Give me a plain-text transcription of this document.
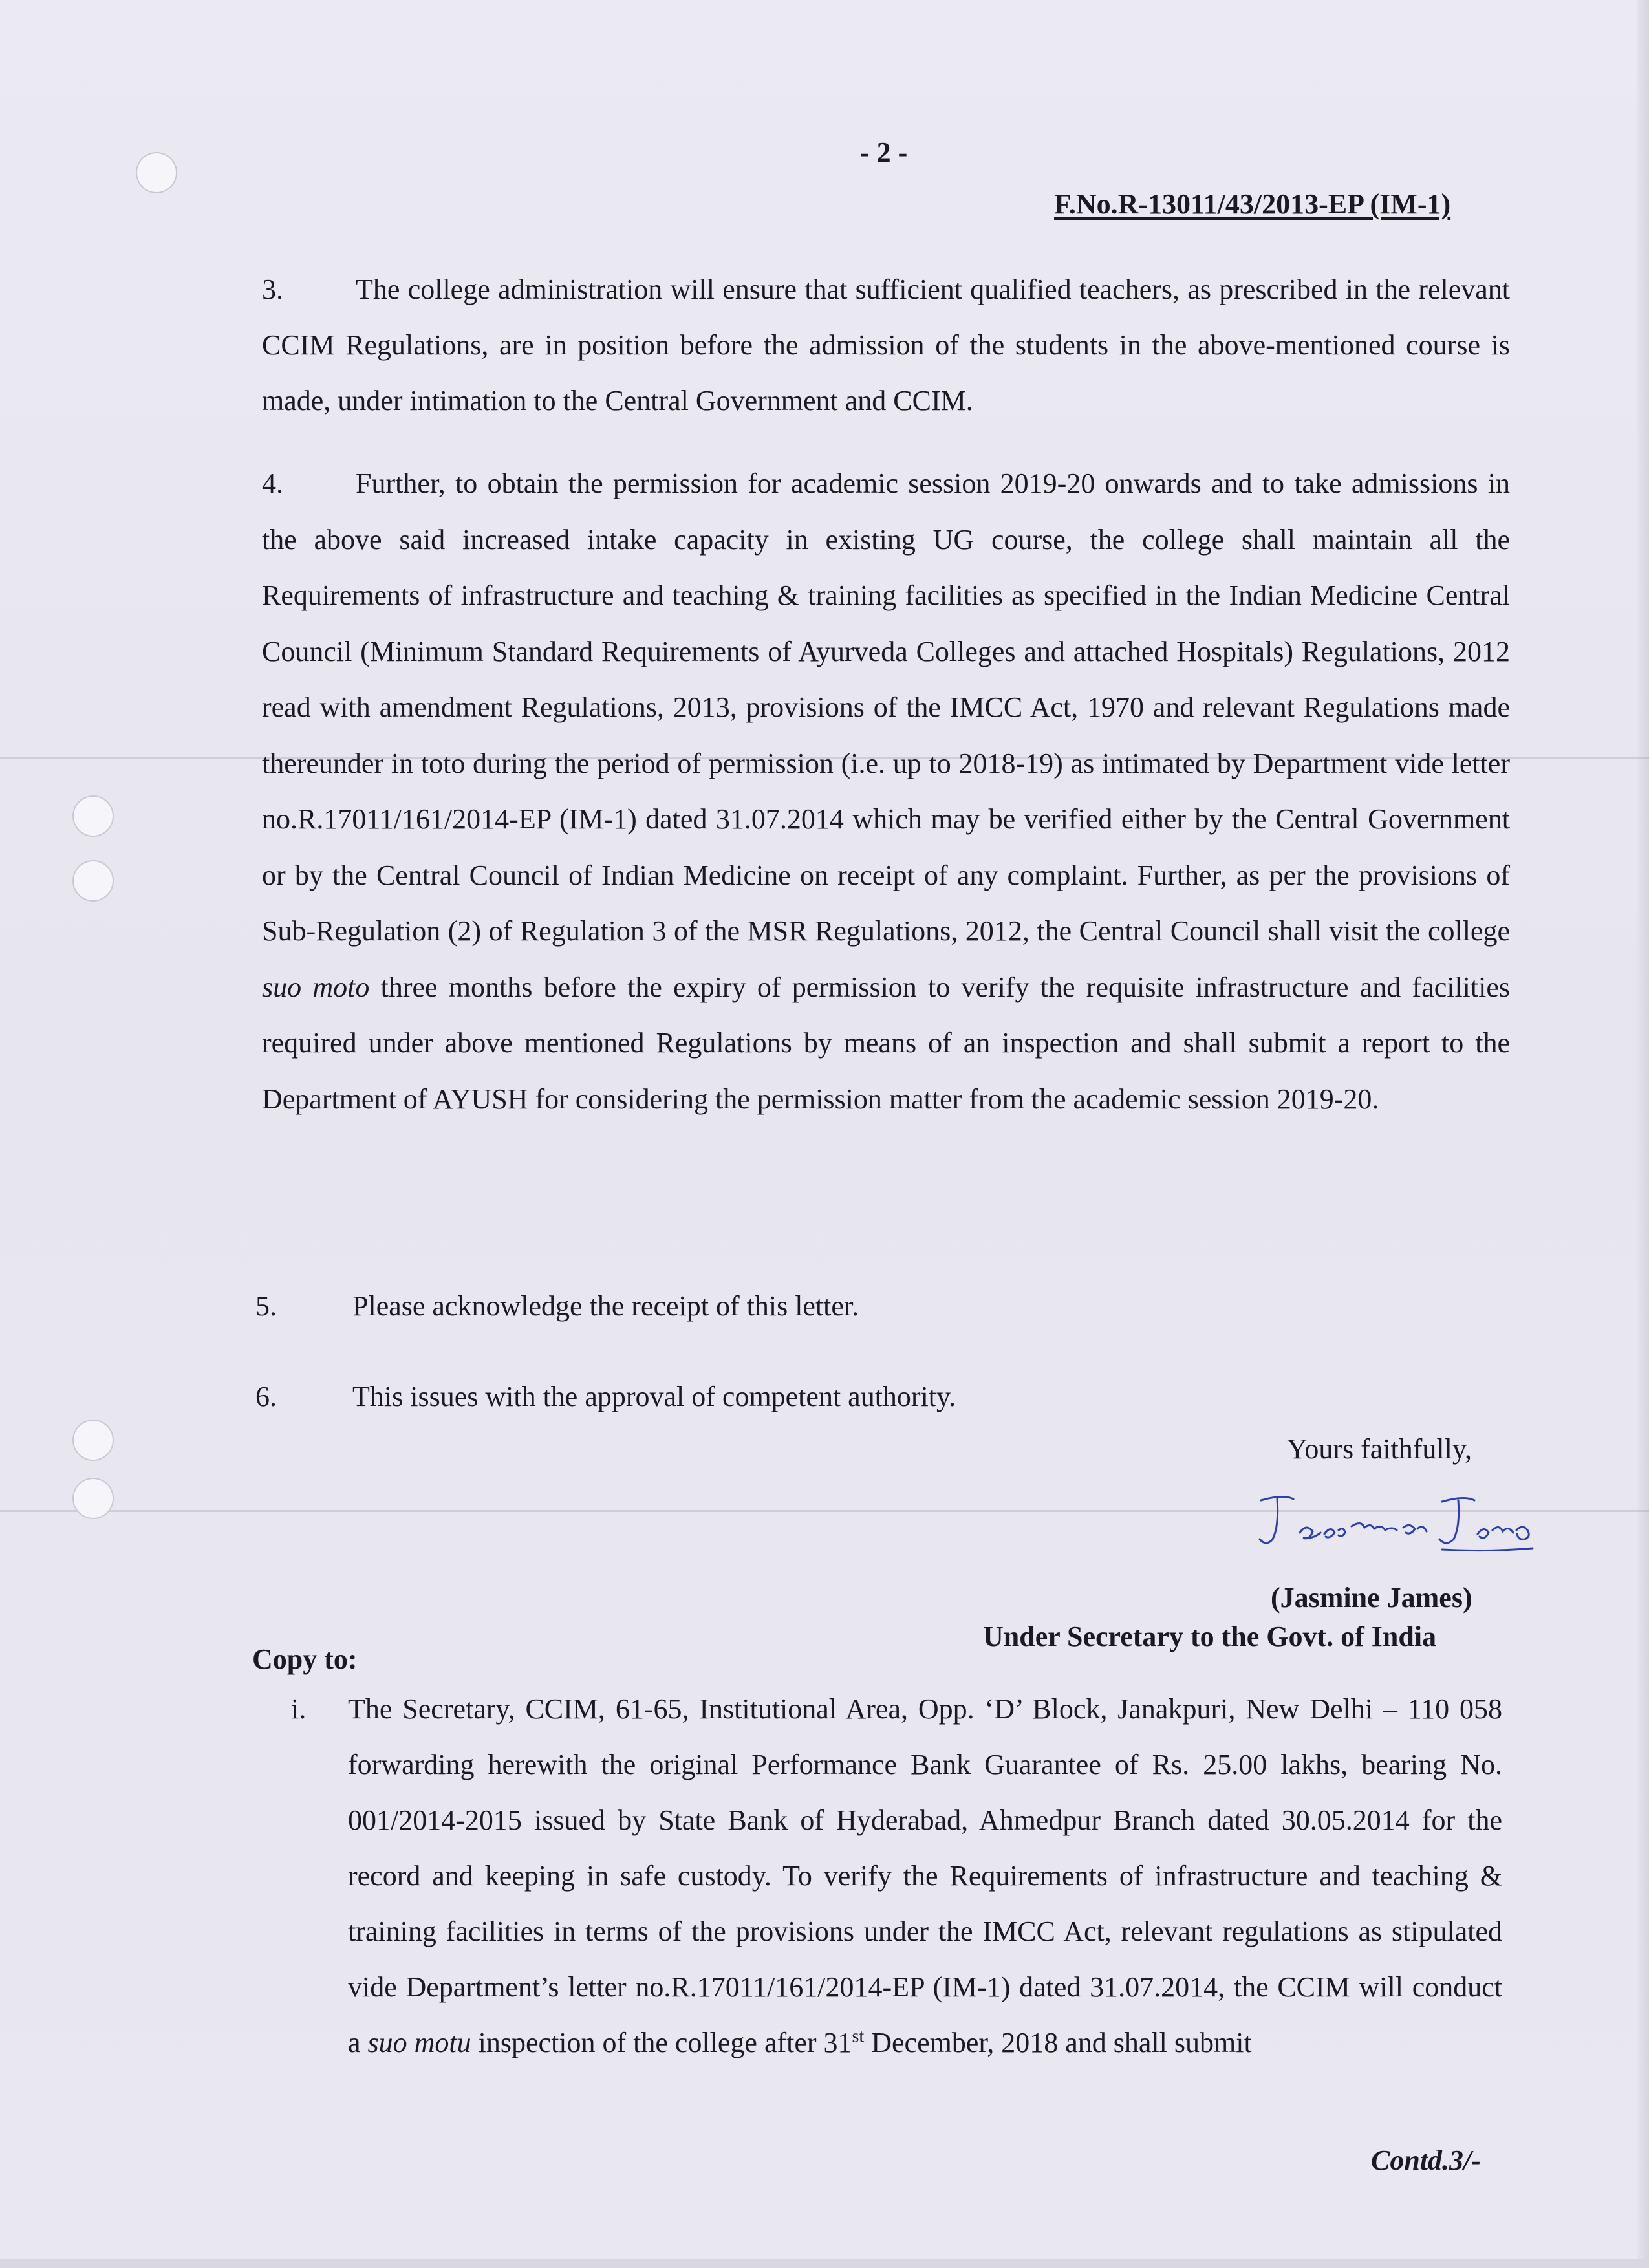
- 2 -
F.No.R-13011/43/2013-EP (IM-1)
3.	The college administration will ensure that sufficient qualified teachers, as prescribed in the relevant CCIM Regulations, are in position before the admission of the students in the above-mentioned course is made, under intimation to the Central Government and CCIM.
4.	Further, to obtain the permission for academic session 2019-20 onwards and to take admissions in the above said increased intake capacity in existing UG course, the college shall maintain all the Requirements of infrastructure and teaching & training facilities as specified in the Indian Medicine Central Council (Minimum Standard Requirements of Ayurveda Colleges and attached Hospitals) Regulations, 2012 read with amendment Regulations, 2013, provisions of the IMCC Act, 1970 and relevant Regulations made thereunder in toto during the period of permission (i.e. up to 2018-19) as intimated by Department vide letter no.R.17011/161/2014-EP (IM-1) dated 31.07.2014 which may be verified either by the Central Government or by the Central Council of Indian Medicine on receipt of any complaint. Further, as per the provisions of Sub-Regulation (2) of Regulation 3 of the MSR Regulations, 2012, the Central Council shall visit the college suo moto three months before the expiry of permission to verify the requisite infrastructure and facilities required under above mentioned Regulations by means of an inspection and shall submit a report to the Department of AYUSH for considering the permission matter from the academic session 2019-20.
5.	Please acknowledge the receipt of this letter.
6.	This issues with the approval of competent authority.
Yours faithfully,
(Jasmine James)
Under Secretary to the Govt. of India
Copy to:
i. The Secretary, CCIM, 61-65, Institutional Area, Opp. ‘D’ Block, Janakpuri, New Delhi – 110 058 forwarding herewith the original Performance Bank Guarantee of Rs. 25.00 lakhs, bearing No. 001/2014-2015 issued by State Bank of Hyderabad, Ahmedpur Branch dated 30.05.2014 for the record and keeping in safe custody. To verify the Requirements of infrastructure and teaching & training facilities in terms of the provisions under the IMCC Act, relevant regulations as stipulated vide Department’s letter no.R.17011/161/2014-EP (IM-1) dated 31.07.2014, the CCIM will conduct a suo motu inspection of the college after 31st December, 2018 and shall submit
Contd.3/-
